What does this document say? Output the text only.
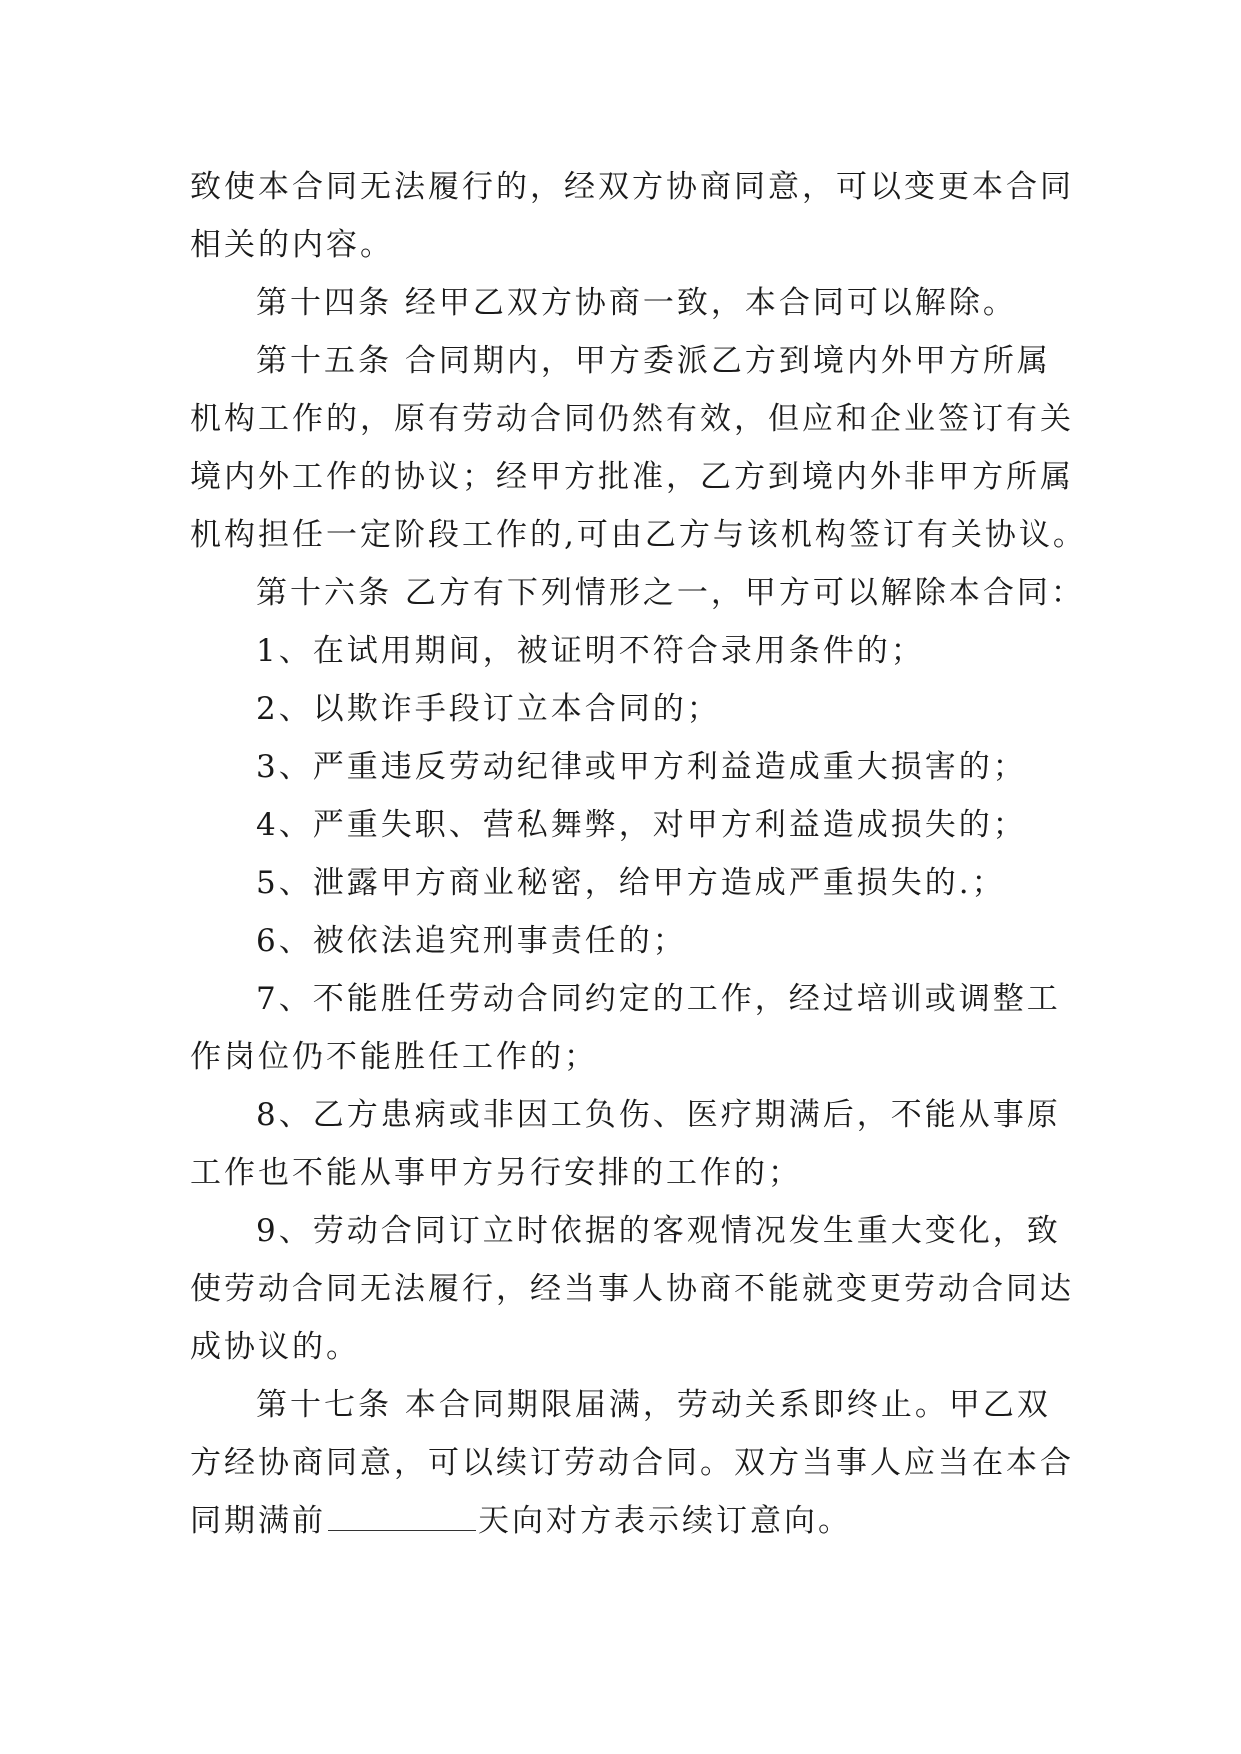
致使本合同无法履行的，经双方协商同意，可以变更本合同
相关的内容。
第十四条 经甲乙双方协商一致，本合同可以解除。
第十五条 合同期内，甲方委派乙方到境内外甲方所属
机构工作的，原有劳动合同仍然有效，但应和企业签订有关
境内外工作的协议；经甲方批准，乙方到境内外非甲方所属
机构担任一定阶段工作的,可由乙方与该机构签订有关协议。
第十六条 乙方有下列情形之一，甲方可以解除本合同：
1、在试用期间，被证明不符合录用条件的；
2、以欺诈手段订立本合同的；
3、严重违反劳动纪律或甲方利益造成重大损害的；
4、严重失职、营私舞弊，对甲方利益造成损失的；
5、泄露甲方商业秘密，给甲方造成严重损失的.；
6、被依法追究刑事责任的；
7、不能胜任劳动合同约定的工作，经过培训或调整工
作岗位仍不能胜任工作的；
8、乙方患病或非因工负伤、医疗期满后，不能从事原
工作也不能从事甲方另行安排的工作的；
9、劳动合同订立时依据的客观情况发生重大变化，致
使劳动合同无法履行，经当事人协商不能就变更劳动合同达
成协议的。
第十七条 本合同期限届满，劳动关系即终止。甲乙双
方经协商同意，可以续订劳动合同。双方当事人应当在本合
同期满前	天向对方表示续订意向。
